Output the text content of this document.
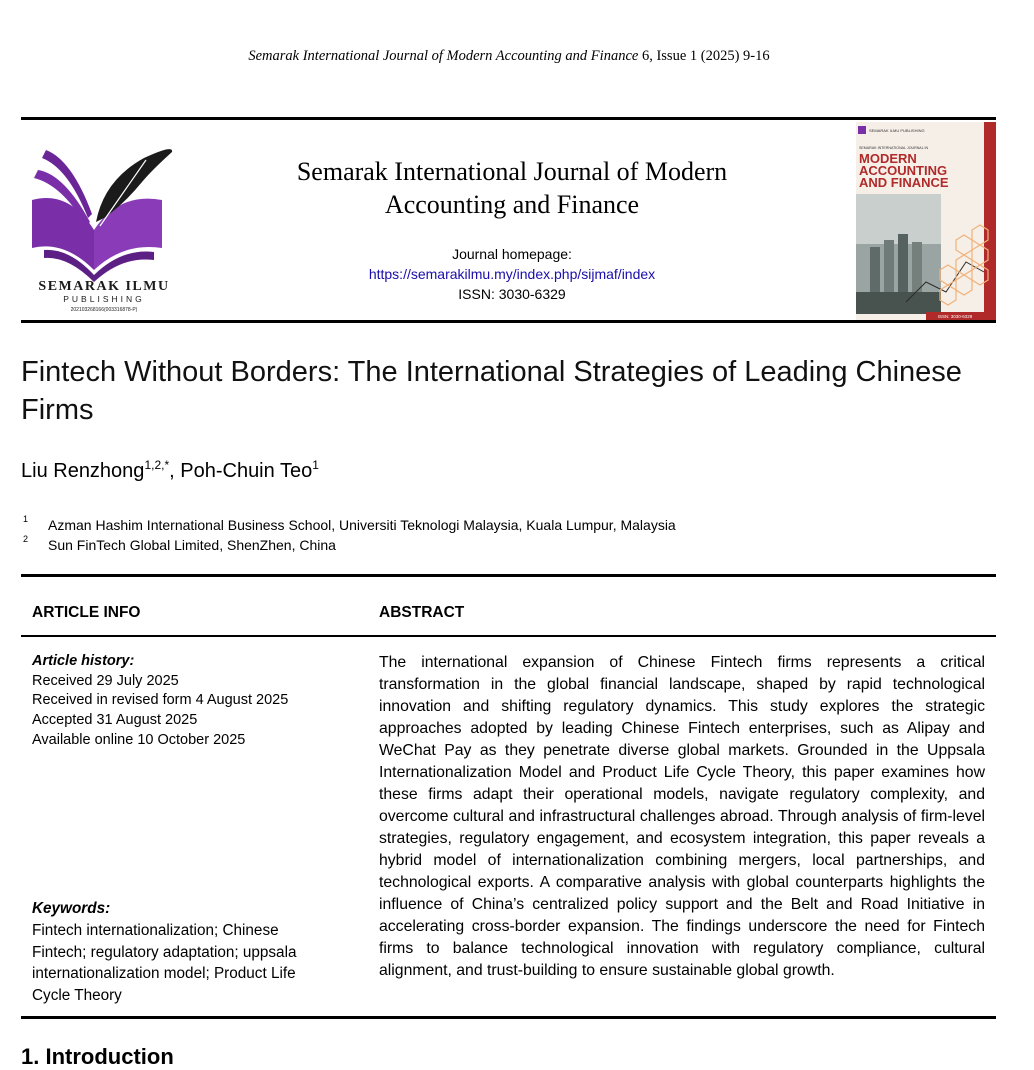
Semarak International Journal of Modern Accounting and Finance 6, Issue 1 (2025) 9-16
SEMARAK ILMU
PUBLISHING
202103268166(003316878-P)
Semarak International Journal of Modern
Accounting and Finance
Journal homepage:
https://semarakilmu.my/index.php/sijmaf/index
ISSN: 3030-6329
SEMARAK ILMU PUBLISHING
SEMARAK INTERNATIONAL JOURNAL IN
MODERN
ACCOUNTING
AND FINANCE
ISSN: 3030-6329
Fintech Without Borders: The International Strategies of Leading Chinese Firms
Liu Renzhong$^{1,2,*}$, Poh-Chuin Teo$^1$
1 Azman Hashim International Business School, Universiti Teknologi Malaysia, Kuala Lumpur, Malaysia
2 Sun FinTech Global Limited, ShenZhen, China
ARTICLE INFO	ABSTRACT
Article history:
Received 29 July 2025
Received in revised form 4 August 2025
Accepted 31 August 2025
Available online 10 October 2025
Keywords:
Fintech internationalization; Chinese Fintech; regulatory adaptation; uppsala internationalization model; Product Life Cycle Theory
The international expansion of Chinese Fintech firms represents a critical transformation in the global financial landscape, shaped by rapid technological innovation and shifting regulatory dynamics. This study explores the strategic approaches adopted by leading Chinese Fintech enterprises, such as Alipay and WeChat Pay as they penetrate diverse global markets. Grounded in the Uppsala Internationalization Model and Product Life Cycle Theory, this paper examines how these firms adapt their operational models, navigate regulatory complexity, and overcome cultural and infrastructural challenges abroad. Through analysis of firm-level strategies, regulatory engagement, and ecosystem integration, this paper reveals a hybrid model of internationalization combining mergers, local partnerships, and technological exports. A comparative analysis with global counterparts highlights the influence of China’s centralized policy support and the Belt and Road Initiative in accelerating cross-border expansion. The findings underscore the need for Fintech firms to balance technological innovation with regulatory compliance, cultural alignment, and trust-building to ensure sustainable global growth.
1. Introduction
